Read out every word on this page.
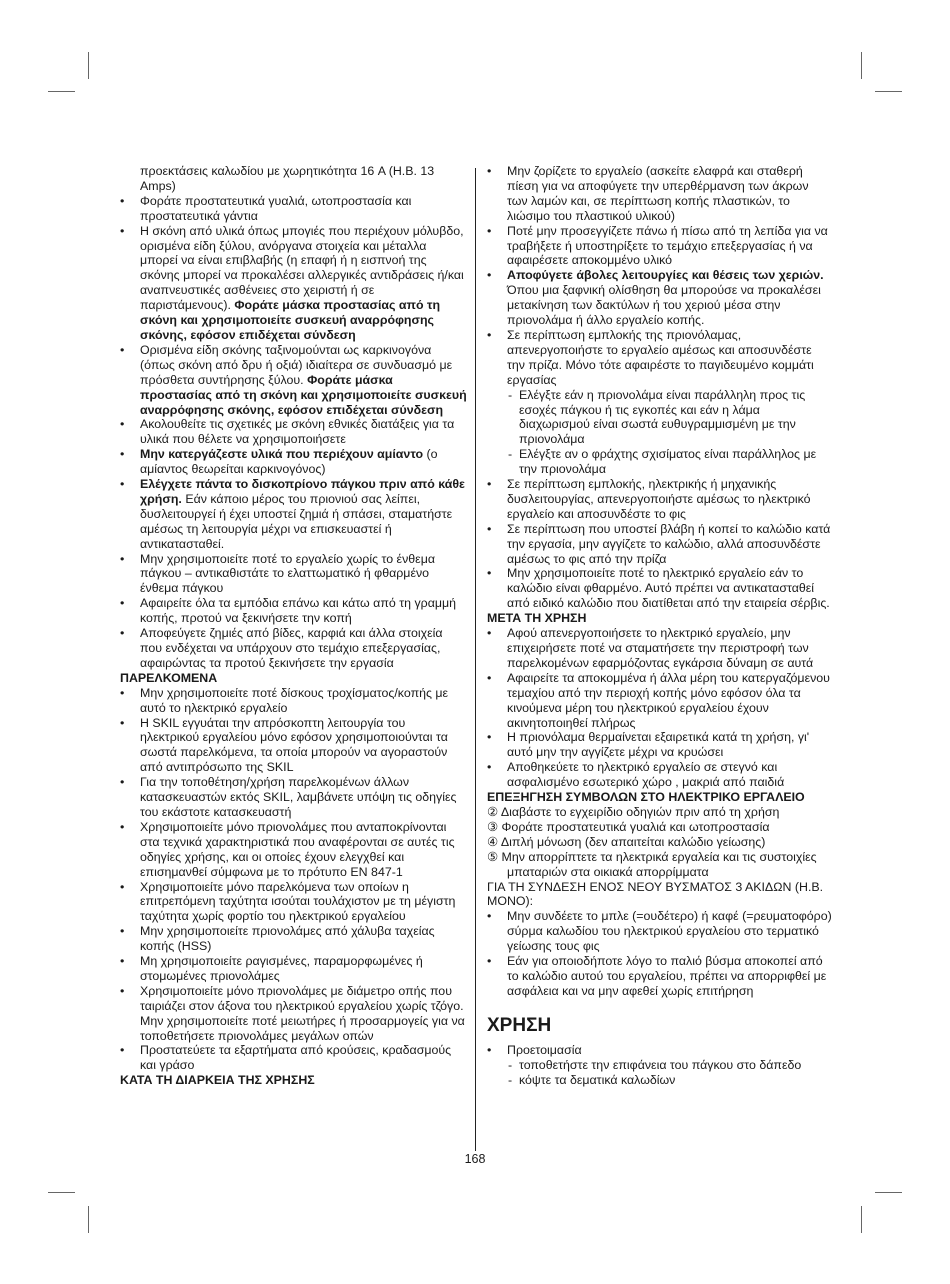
προεκτάσεις καλωδίου με χωρητικότητα 16 A (Η.Β. 13 Amps)
• Φοράτε προστατευτικά γυαλιά, ωτοπροστασία και προστατευτικά γάντια
• Η σκόνη από υλικά όπως μπογιές που περιέχουν μόλυβδο, ορισμένα είδη ξύλου, ανόργανα στοιχεία και μέταλλα μπορεί να είναι επιβλαβής (η επαφή ή η εισπνοή της σκόνης μπορεί να προκαλέσει αλλεργικές αντιδράσεις ή/και αναπνευστικές ασθένειες στο χειριστή ή σε παριστάμενους). Φοράτε μάσκα προστασίας από τη σκόνη και χρησιμοποιείτε συσκευή αναρρόφησης σκόνης, εφόσον επιδέχεται σύνδεση
• Ορισμένα είδη σκόνης ταξινομούνται ως καρκινογόνα (όπως σκόνη από δρυ ή οξιά) ιδιαίτερα σε συνδυασμό με πρόσθετα συντήρησης ξύλου. Φοράτε μάσκα προστασίας από τη σκόνη και χρησιμοποιείτε συσκευή αναρρόφησης σκόνης, εφόσον επιδέχεται σύνδεση
• Ακολουθείτε τις σχετικές με σκόνη εθνικές διατάξεις για τα υλικά που θέλετε να χρησιμοποιήσετε
• Μην κατεργάζεστε υλικά που περιέχουν αμίαντο (ο αμίαντος θεωρείται καρκινογόνος)
• Ελέγχετε πάντα το δισκοπρίονο πάγκου πριν από κάθε χρήση. Εάν κάποιο μέρος του πριονιού σας λείπει, δυσλειτουργεί ή έχει υποστεί ζημιά ή σπάσει, σταματήστε αμέσως τη λειτουργία μέχρι να επισκευαστεί ή αντικατασταθεί.
• Μην χρησιμοποιείτε ποτέ το εργαλείο χωρίς το ένθεμα πάγκου – αντικαθιστάτε το ελαττωματικό ή φθαρμένο ένθεμα πάγκου
• Αφαιρείτε όλα τα εμπόδια επάνω και κάτω από τη γραμμή κοπής, προτού να ξεκινήσετε την κοπή
• Αποφεύγετε ζημιές από βίδες, καρφιά και άλλα στοιχεία που ενδέχεται να υπάρχουν στο τεμάχιο επεξεργασίας, αφαιρώντας τα προτού ξεκινήσετε την εργασία
ΠΑΡΕΛΚΟΜΕΝΑ
• Μην χρησιμοποιείτε ποτέ δίσκους τροχίσματος/κοπής με αυτό το ηλεκτρικό εργαλείο
• Η SKIL εγγυάται την απρόσκοπτη λειτουργία του ηλεκτρικού εργαλείου μόνο εφόσον χρησιμοποιούνται τα σωστά παρελκόμενα, τα οποία μπορούν να αγοραστούν από αντιπρόσωπο της SKIL
• Για την τοποθέτηση/χρήση παρελκομένων άλλων κατασκευαστών εκτός SKIL, λαμβάνετε υπόψη τις οδηγίες του εκάστοτε κατασκευαστή
• Χρησιμοποιείτε μόνο πριονολάμες που ανταποκρίνονται στα τεχνικά χαρακτηριστικά που αναφέρονται σε αυτές τις οδηγίες χρήσης, και οι οποίες έχουν ελεγχθεί και επισημανθεί σύμφωνα με το πρότυπο EN 847-1
• Χρησιμοποιείτε μόνο παρελκόμενα των οποίων η επιτρεπόμενη ταχύτητα ισούται τουλάχιστον με τη μέγιστη ταχύτητα χωρίς φορτίο του ηλεκτρικού εργαλείου
• Μην χρησιμοποιείτε πριονολάμες από χάλυβα ταχείας κοπής (HSS)
• Μη χρησιμοποιείτε ραγισμένες, παραμορφωμένες ή στομωμένες πριονολάμες
• Χρησιμοποιείτε μόνο πριονολάμες με διάμετρο οπής που ταιριάζει στον άξονα του ηλεκτρικού εργαλείου χωρίς τζόγο. Μην χρησιμοποιείτε ποτέ μειωτήρες ή προσαρμογείς για να τοποθετήσετε πριονολάμες μεγάλων οπών
• Προστατεύετε τα εξαρτήματα από κρούσεις, κραδασμούς και γράσο
ΚΑΤΑ ΤΗ ΔΙΑΡΚΕΙΑ ΤΗΣ ΧΡΗΣΗΣ
• Μην ζορίζετε το εργαλείο (ασκείτε ελαφρά και σταθερή πίεση για να αποφύγετε την υπερθέρμανση των άκρων των λαμών και, σε περίπτωση κοπής πλαστικών, το λιώσιμο του πλαστικού υλικού)
• Ποτέ μην προσεγγίζετε πάνω ή πίσω από τη λεπίδα για να τραβήξετε ή υποστηρίξετε το τεμάχιο επεξεργασίας ή να αφαιρέσετε αποκομμένο υλικό
• Αποφύγετε άβολες λειτουργίες και θέσεις των χεριών. Όπου μια ξαφνική ολίσθηση θα μπορούσε να προκαλέσει μετακίνηση των δακτύλων ή του χεριού μέσα στην πριονολάμα ή άλλο εργαλείο κοπής.
• Σε περίπτωση εμπλοκής της πριονόλαμας, απενεργοποιήστε το εργαλείο αμέσως και αποσυνδέστε την πρίζα. Μόνο τότε αφαιρέστε το παγιδευμένο κομμάτι εργασίας
- Ελέγξτε εάν η πριονολάμα είναι παράλληλη προς τις εσοχές πάγκου ή τις εγκοπές και εάν η λάμα διαχωρισμού είναι σωστά ευθυγραμμισμένη με την πριονολάμα
- Ελέγξτε αν ο φράχτης σχισίματος είναι παράλληλος με την πριονολάμα
• Σε περίπτωση εμπλοκής, ηλεκτρικής ή μηχανικής δυσλειτουργίας, απενεργοποιήστε αμέσως το ηλεκτρικό εργαλείο και αποσυνδέστε το φις
• Σε περίπτωση που υποστεί βλάβη ή κοπεί το καλώδιο κατά την εργασία, μην αγγίζετε το καλώδιο, αλλά αποσυνδέστε αμέσως το φις από την πρίζα
• Μην χρησιμοποιείτε ποτέ το ηλεκτρικό εργαλείο εάν το καλώδιο είναι φθαρμένο. Αυτό πρέπει να αντικατασταθεί από ειδικό καλώδιο που διατίθεται από την εταιρεία σέρβις.
ΜΕΤΑ ΤΗ ΧΡΗΣΗ
• Αφού απενεργοποιήσετε το ηλεκτρικό εργαλείο, μην επιχειρήσετε ποτέ να σταματήσετε την περιστροφή των παρελκομένων εφαρμόζοντας εγκάρσια δύναμη σε αυτά
• Αφαιρείτε τα αποκομμένα ή άλλα μέρη του κατεργαζόμενου τεμαχίου από την περιοχή κοπής μόνο εφόσον όλα τα κινούμενα μέρη του ηλεκτρικού εργαλείου έχουν ακινητοποιηθεί πλήρως
• Η πριονόλαμα θερμαίνεται εξαιρετικά κατά τη χρήση, γι' αυτό μην την αγγίζετε μέχρι να κρυώσει
• Αποθηκεύετε το ηλεκτρικό εργαλείο σε στεγνό και ασφαλισμένο εσωτερικό χώρο , μακριά από παιδιά
ΕΠΕΞΗΓΗΣΗ ΣΥΜΒΟΛΩΝ ΣΤΟ ΗΛΕΚΤΡΙΚΟ ΕΡΓΑΛΕΙΟ
② Διαβάστε το εγχειρίδιο οδηγιών πριν από τη χρήση
③ Φοράτε προστατευτικά γυαλιά και ωτοπροστασία
④ Διπλή μόνωση (δεν απαιτείται καλώδιο γείωσης)
⑤ Μην απορρίπτετε τα ηλεκτρικά εργαλεία και τις συστοιχίες μπαταριών στα οικιακά απορρίμματα
ΓΙΑ ΤΗ ΣΥΝΔΕΣΗ ΕΝΟΣ ΝΕΟΥ ΒΥΣΜΑΤΟΣ 3 ΑΚΙΔΩΝ (Η.Β. ΜΟΝΟ):
• Μην συνδέετε το μπλε (=ουδέτερο) ή καφέ (=ρευματοφόρο) σύρμα καλωδίου του ηλεκτρικού εργαλείου στο τερματικό γείωσης τους φις
• Εάν για οποιοδήποτε λόγο το παλιό βύσμα αποκοπεί από το καλώδιο αυτού του εργαλείου, πρέπει να απορριφθεί με ασφάλεια και να μην αφεθεί χωρίς επιτήρηση
ΧΡΗΣΗ
• Προετοιμασία
- τοποθετήστε την επιφάνεια του πάγκου στο δάπεδο
- κόψτε τα δεματικά καλωδίων
168
